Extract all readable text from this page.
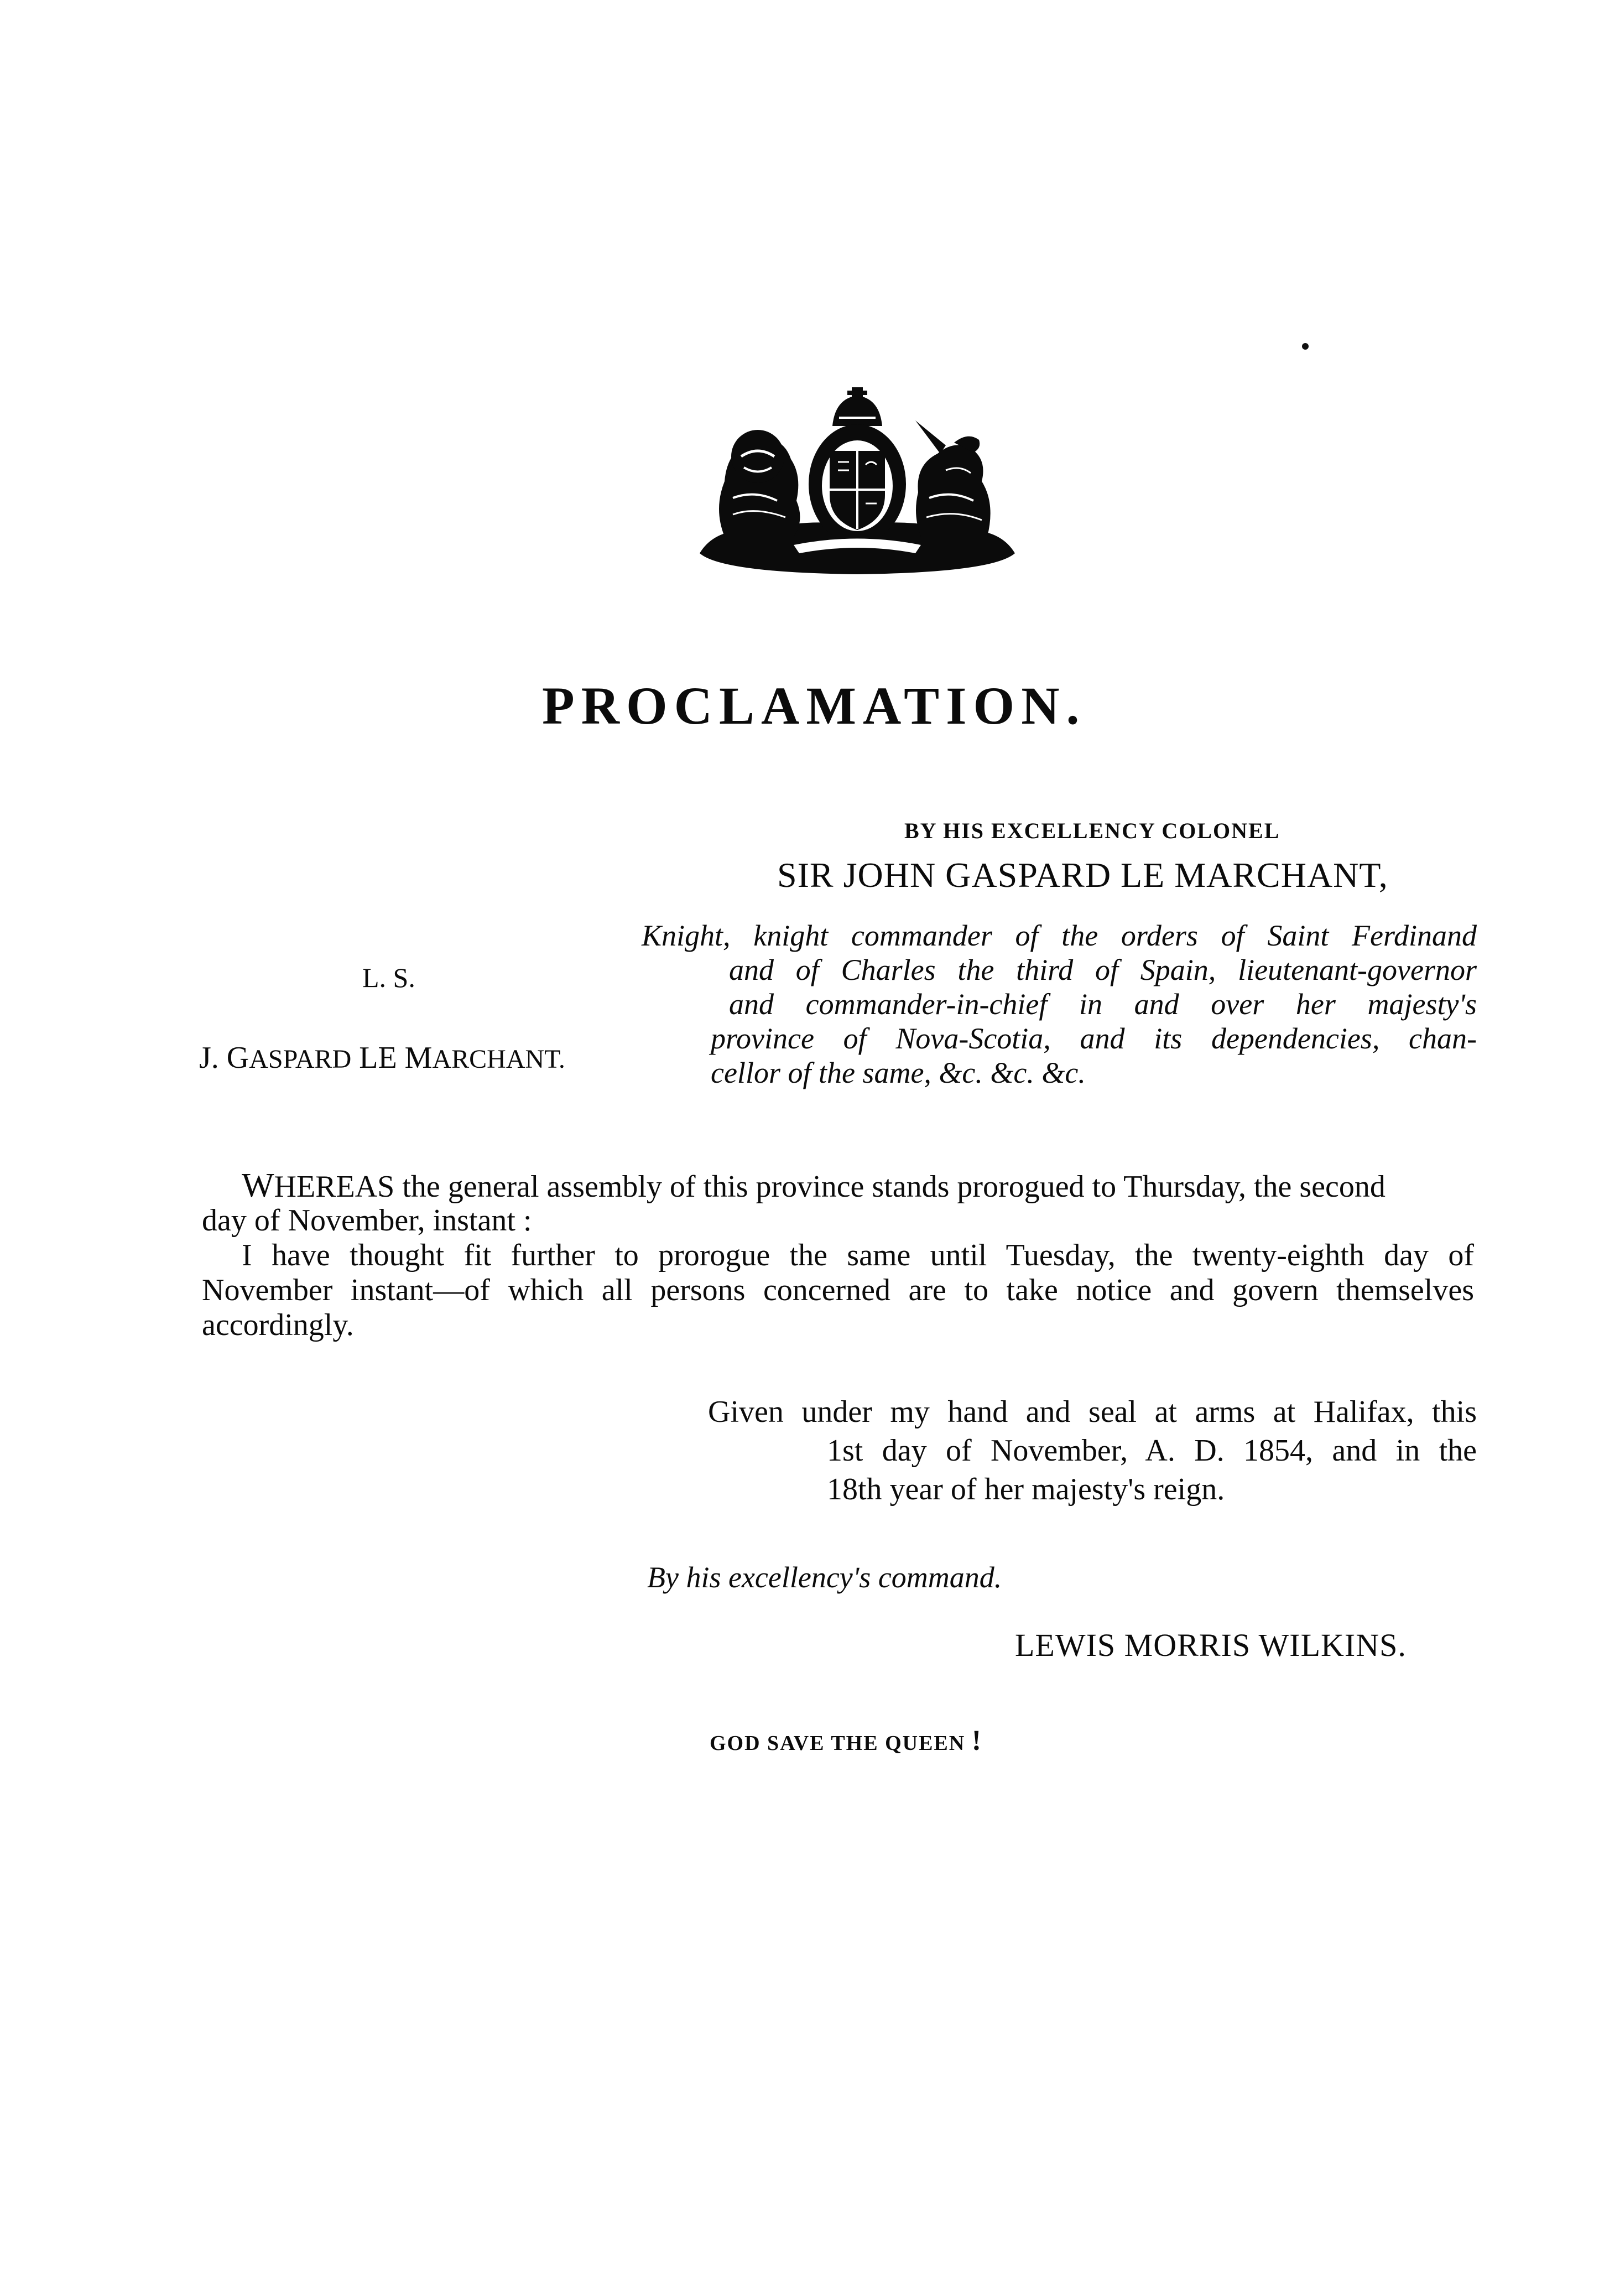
PROCLAMATION.
BY HIS EXCELLENCY COLONEL
SIR JOHN GASPARD LE MARCHANT,
L. S.
J. GASPARD LE MARCHANT.
Knight, knight commander of the orders of Saint Ferdinand
and of Charles the third of Spain, lieutenant-governor
and commander-in-chief in and over her majesty's
province of Nova-Scotia, and its dependencies, chan-
cellor of the same, &c. &c. &c.
WHEREAS the general assembly of this province stands prorogued to Thursday, the second
day of November, instant :
I have thought fit further to prorogue the same until Tuesday, the twenty-eighth day of
November instant—of which all persons concerned are to take notice and govern themselves
accordingly.
Given under my hand and seal at arms at Halifax, this
1st day of November, A. D. 1854, and in the
18th year of her majesty's reign.
By his excellency's command.
LEWIS MORRIS WILKINS.
GOD SAVE THE QUEEN !
